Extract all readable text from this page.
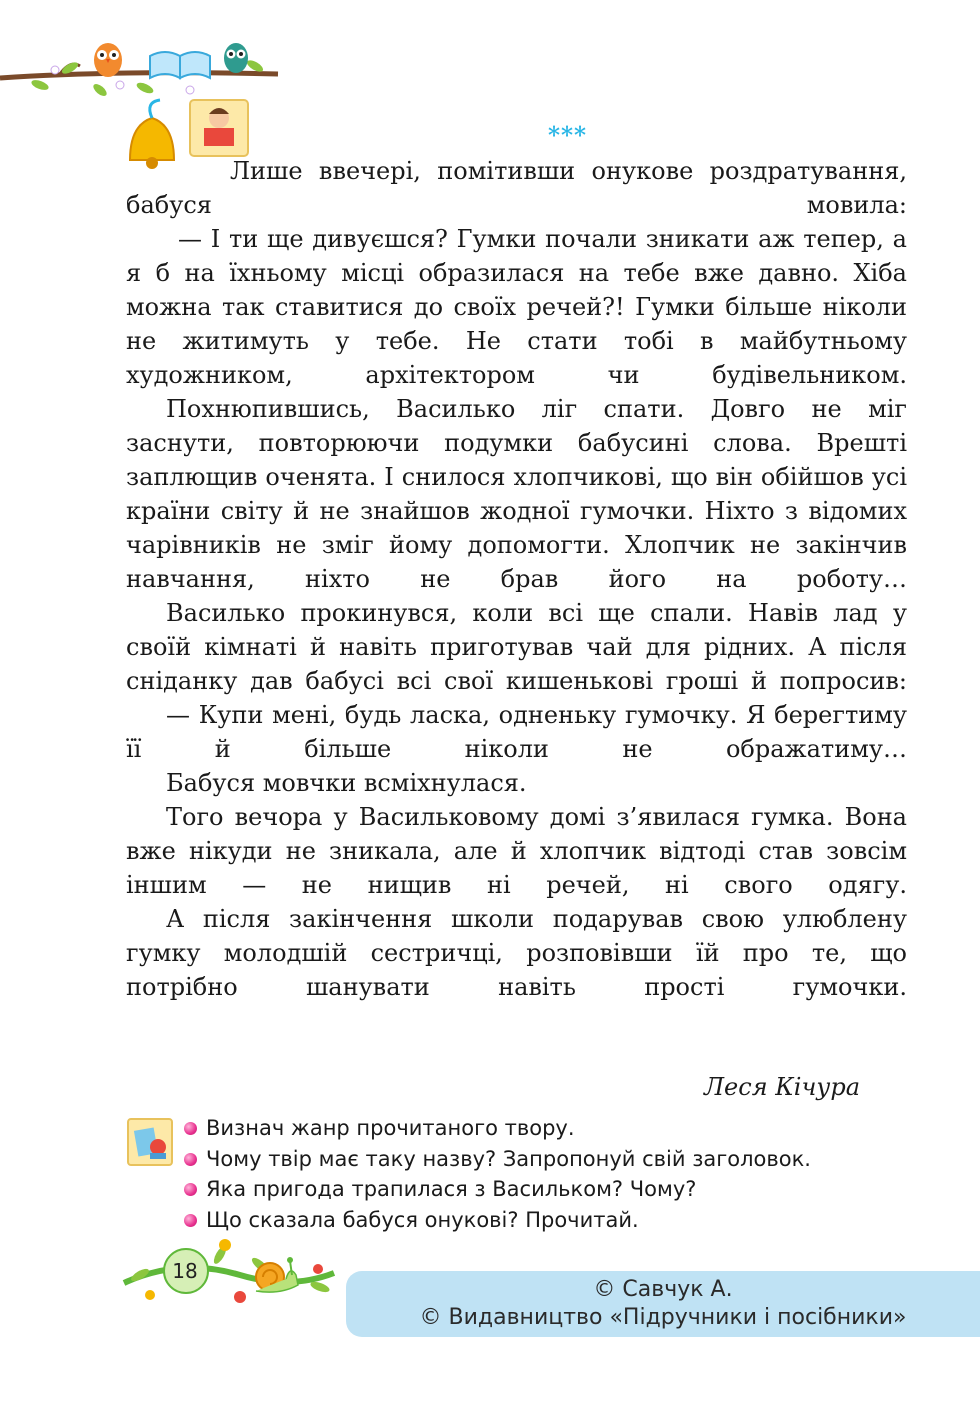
***

Лише ввечері, помітивши онукове роздратування, бабуся мовила:

— І ти ще дивуєшся? Гумки почали зникати аж тепер, а я б на їхньому місці образилася на тебе вже давно. Хіба можна так ставитися до своїх речей?! Гумки більше ніколи не житимуть у тебе. Не стати тобі в майбутньому художником, архітектором чи будівельником.

Похнюпившись, Василько ліг спати. Довго не міг заснути, повторюючи подумки бабусині слова. Врешті заплющив оченята. І снилося хлопчикові, що він обійшов усі країни світу й не знайшов жодної гумочки. Ніхто з відомих чарівників не зміг йому допомогти. Хлопчик не закінчив навчання, ніхто не брав його на роботу…

Василько прокинувся, коли всі ще спали. Навів лад у своїй кімнаті й навіть приготував чай для рідних. А після сніданку дав бабусі всі свої кишенькові гроші й попросив:

— Купи мені, будь ласка, одненьку гумочку. Я берегтиму її й більше ніколи не ображатиму…

Бабуся мовчки всміхнулася.

Того вечора у Васильковому домі з’явилася гумка. Вона вже нікуди не зникала, але й хлопчик відтоді став зовсім іншим — не нищив ні речей, ні свого одягу.

А після закінчення школи подарував свою улюблену гумку молодшій сестричці, розповівши їй про те, що потрібно шанувати навіть прості гумочки.

Леся Кічура
Визнач жанр прочитаного твору.
Чому твір має таку назву? Запропонуй свій заголовок.
Яка пригода трапилася з Васильком? Чому?
Що сказала бабуся онукові? Прочитай.
18
© Савчук А.
© Видавництво «Підручники і посібники»
